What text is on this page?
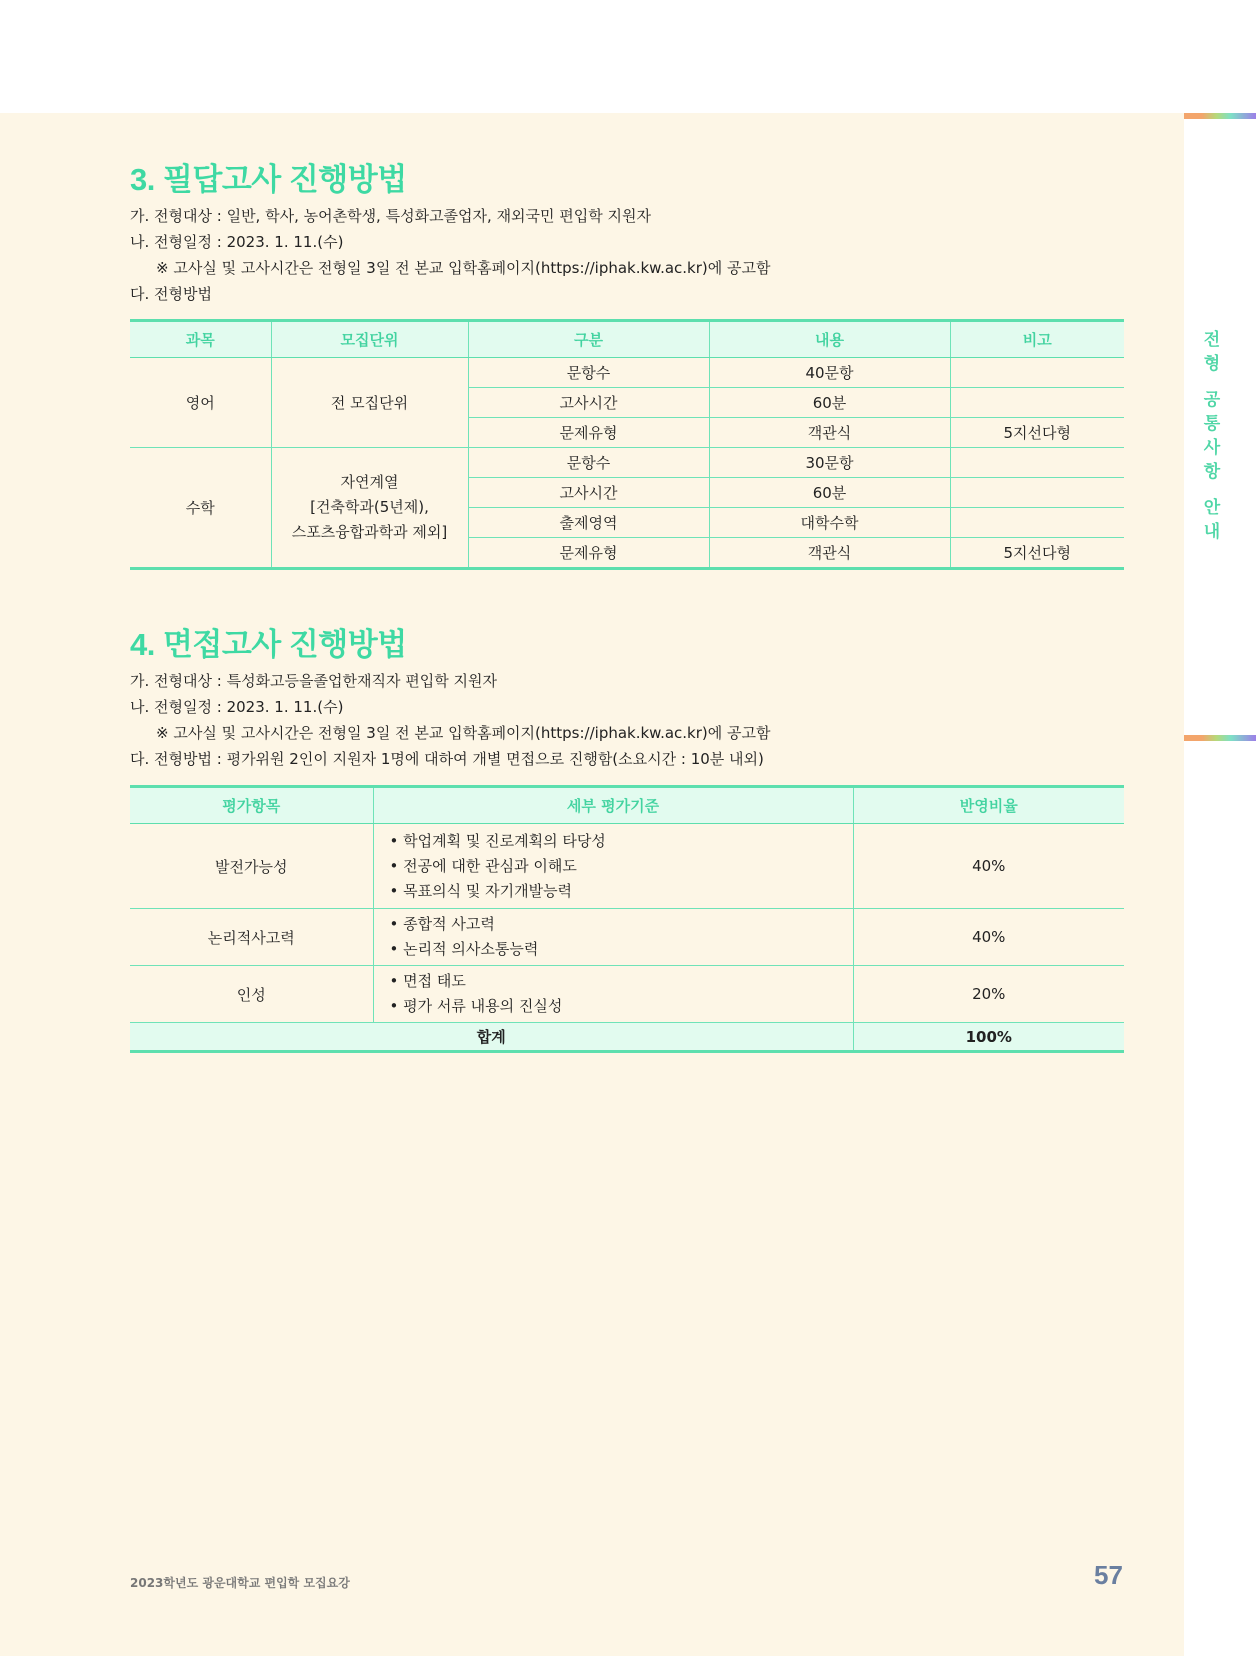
전
형
공
통
사
항
안
내
3. 필답고사 진행방법
가. 전형대상 : 일반, 학사, 농어촌학생, 특성화고졸업자, 재외국민 편입학 지원자
나. 전형일정 : 2023. 1. 11.(수)
※ 고사실 및 고사시간은 전형일 3일 전 본교 입학홈페이지(https://iphak.kw.ac.kr)에 공고함
다. 전형방법
과목	모집단위	구분	내용	비고
영어	전 모집단위	문항수	40문항	
		고사시간	60분	
		문제유형	객관식	5지선다형
수학	자연계열
[건축학과(5년제),
스포츠융합과학과 제외]	문항수	30문항	
		고사시간	60분	
		출제영역	대학수학	
		문제유형	객관식	5지선다형
4. 면접고사 진행방법
가. 전형대상 : 특성화고등을졸업한재직자 편입학 지원자
나. 전형일정 : 2023. 1. 11.(수)
※ 고사실 및 고사시간은 전형일 3일 전 본교 입학홈페이지(https://iphak.kw.ac.kr)에 공고함
다. 전형방법 : 평가위원 2인이 지원자 1명에 대하여 개별 면접으로 진행함(소요시간 : 10분 내외)
평가항목	세부 평가기준	반영비율
발전가능성	• 학업계획 및 진로계획의 타당성
• 전공에 대한 관심과 이해도
• 목표의식 및 자기개발능력	40%
논리적사고력	• 종합적 사고력
• 논리적 의사소통능력	40%
인성	• 면접 태도
• 평가 서류 내용의 진실성	20%
합계		100%
2023학년도 광운대학교 편입학 모집요강	57
